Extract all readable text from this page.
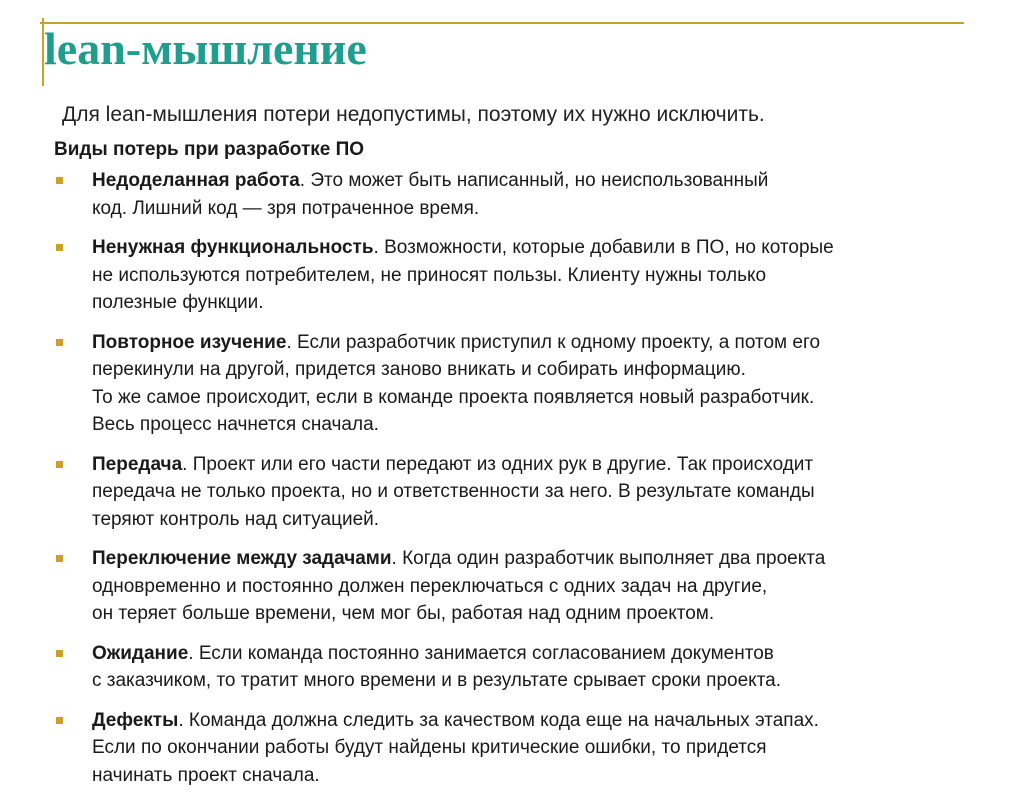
lean-мышление

Для lean-мышления потери недопустимы, поэтому их нужно исключить.

Виды потерь при разработке ПО

Недоделанная работа. Это может быть написанный, но неиспользованный
код. Лишний код — зря потраченное время.
Ненужная функциональность. Возможности, которые добавили в ПО, но которые
не используются потребителем, не приносят пользы. Клиенту нужны только
полезные функции.
Повторное изучение. Если разработчик приступил к одному проекту, а потом его
перекинули на другой, придется заново вникать и собирать информацию.
То же самое происходит, если в команде проекта появляется новый разработчик.
Весь процесс начнется сначала.
Передача. Проект или его части передают из одних рук в другие. Так происходит
передача не только проекта, но и ответственности за него. В результате команды
теряют контроль над ситуацией.
Переключение между задачами. Когда один разработчик выполняет два проекта
одновременно и постоянно должен переключаться с одних задач на другие,
он теряет больше времени, чем мог бы, работая над одним проектом.
Ожидание. Если команда постоянно занимается согласованием документов
с заказчиком, то тратит много времени и в результате срывает сроки проекта.
Дефекты. Команда должна следить за качеством кода еще на начальных этапах.
Если по окончании работы будут найдены критические ошибки, то придется
начинать проект сначала.
